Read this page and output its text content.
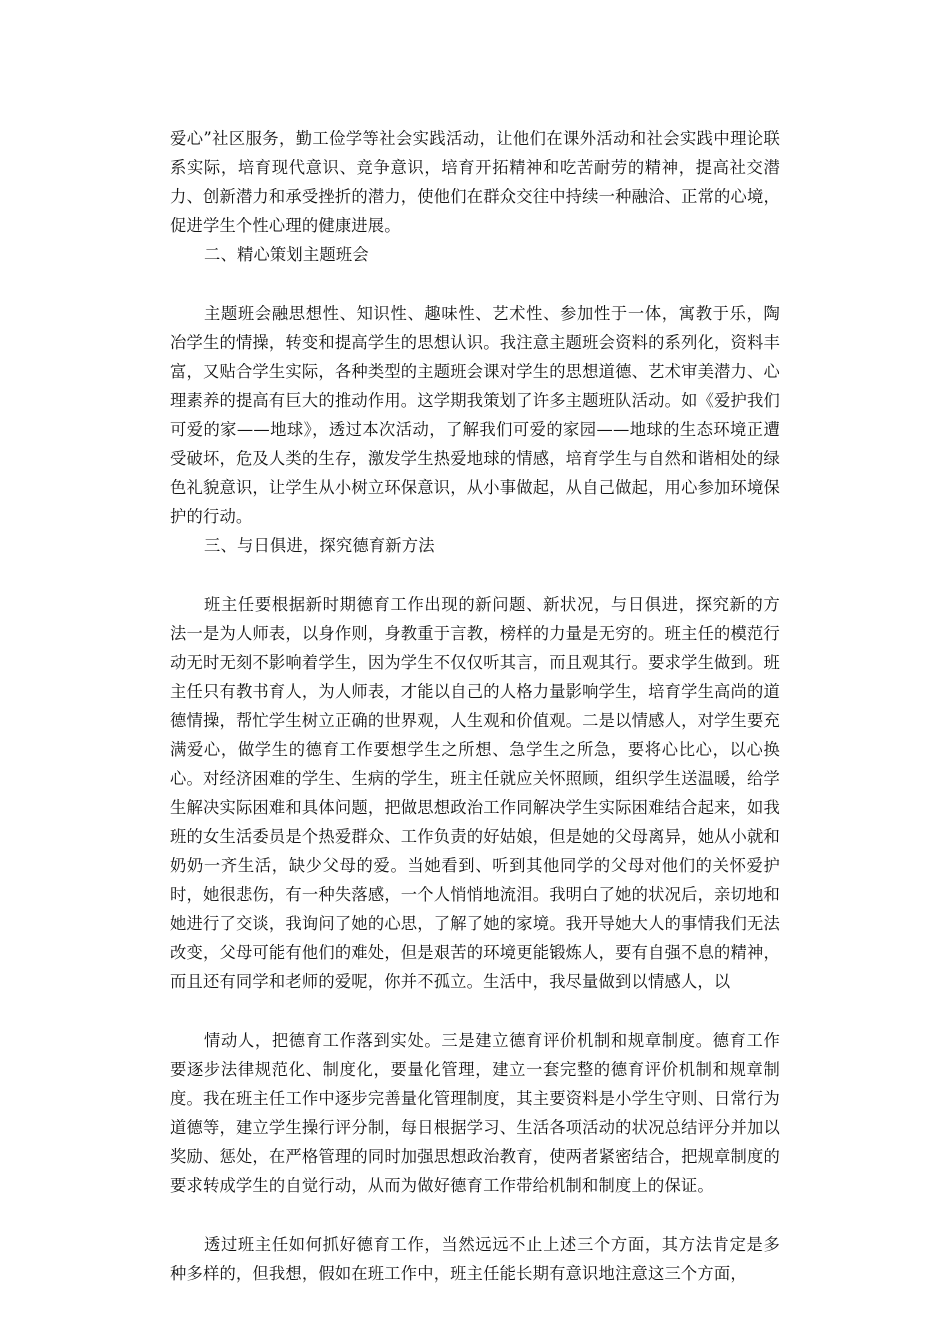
爱心”社区服务，勤工俭学等社会实践活动，让他们在课外活动和社会实践中理论联系实际，培育现代意识、竞争意识，培育开拓精神和吃苦耐劳的精神，提高社交潜力、创新潜力和承受挫折的潜力，使他们在群众交往中持续一种融洽、正常的心境，促进学生个性心理的健康进展。

二、精心策划主题班会

主题班会融思想性、知识性、趣味性、艺术性、参加性于一体，寓教于乐，陶冶学生的情操，转变和提高学生的思想认识。我注意主题班会资料的系列化，资料丰富，又贴合学生实际，各种类型的主题班会课对学生的思想道德、艺术审美潜力、心理素养的提高有巨大的推动作用。这学期我策划了许多主题班队活动。如《爱护我们可爱的家——地球》，透过本次活动，了解我们可爱的家园——地球的生态环境正遭受破坏，危及人类的生存，激发学生热爱地球的情感，培育学生与自然和谐相处的绿色礼貌意识，让学生从小树立环保意识，从小事做起，从自己做起，用心参加环境保护的行动。

三、与日俱进，探究德育新方法

班主任要根据新时期德育工作出现的新问题、新状况，与日俱进，探究新的方法一是为人师表，以身作则，身教重于言教，榜样的力量是无穷的。班主任的模范行动无时无刻不影响着学生，因为学生不仅仅听其言，而且观其行。要求学生做到。班主任只有教书育人，为人师表，才能以自己的人格力量影响学生，培育学生高尚的道德情操，帮忙学生树立正确的世界观，人生观和价值观。二是以情感人，对学生要充满爱心，做学生的德育工作要想学生之所想、急学生之所急，要将心比心，以心换心。对经济困难的学生、生病的学生，班主任就应关怀照顾，组织学生送温暖，给学生解决实际困难和具体问题，把做思想政治工作同解决学生实际困难结合起来，如我班的女生活委员是个热爱群众、工作负责的好姑娘，但是她的父母离异，她从小就和奶奶一齐生活，缺少父母的爱。当她看到、听到其他同学的父母对他们的关怀爱护时，她很悲伤，有一种失落感，一个人悄悄地流泪。我明白了她的状况后，亲切地和她进行了交谈，我询问了她的心思，了解了她的家境。我开导她大人的事情我们无法改变，父母可能有他们的难处，但是艰苦的环境更能锻炼人，要有自强不息的精神，而且还有同学和老师的爱呢，你并不孤立。生活中，我尽量做到以情感人，以

情动人，把德育工作落到实处。三是建立德育评价机制和规章制度。德育工作要逐步法律规范化、制度化，要量化管理，建立一套完整的德育评价机制和规章制度。我在班主任工作中逐步完善量化管理制度，其主要资料是小学生守则、日常行为道德等，建立学生操行评分制，每日根据学习、生活各项活动的状况总结评分并加以奖励、惩处，在严格管理的同时加强思想政治教育，使两者紧密结合，把规章制度的要求转成学生的自觉行动，从而为做好德育工作带给机制和制度上的保证。

透过班主任如何抓好德育工作，当然远远不止上述三个方面，其方法肯定是多种多样的，但我想，假如在班工作中，班主任能长期有意识地注意这三个方面，
